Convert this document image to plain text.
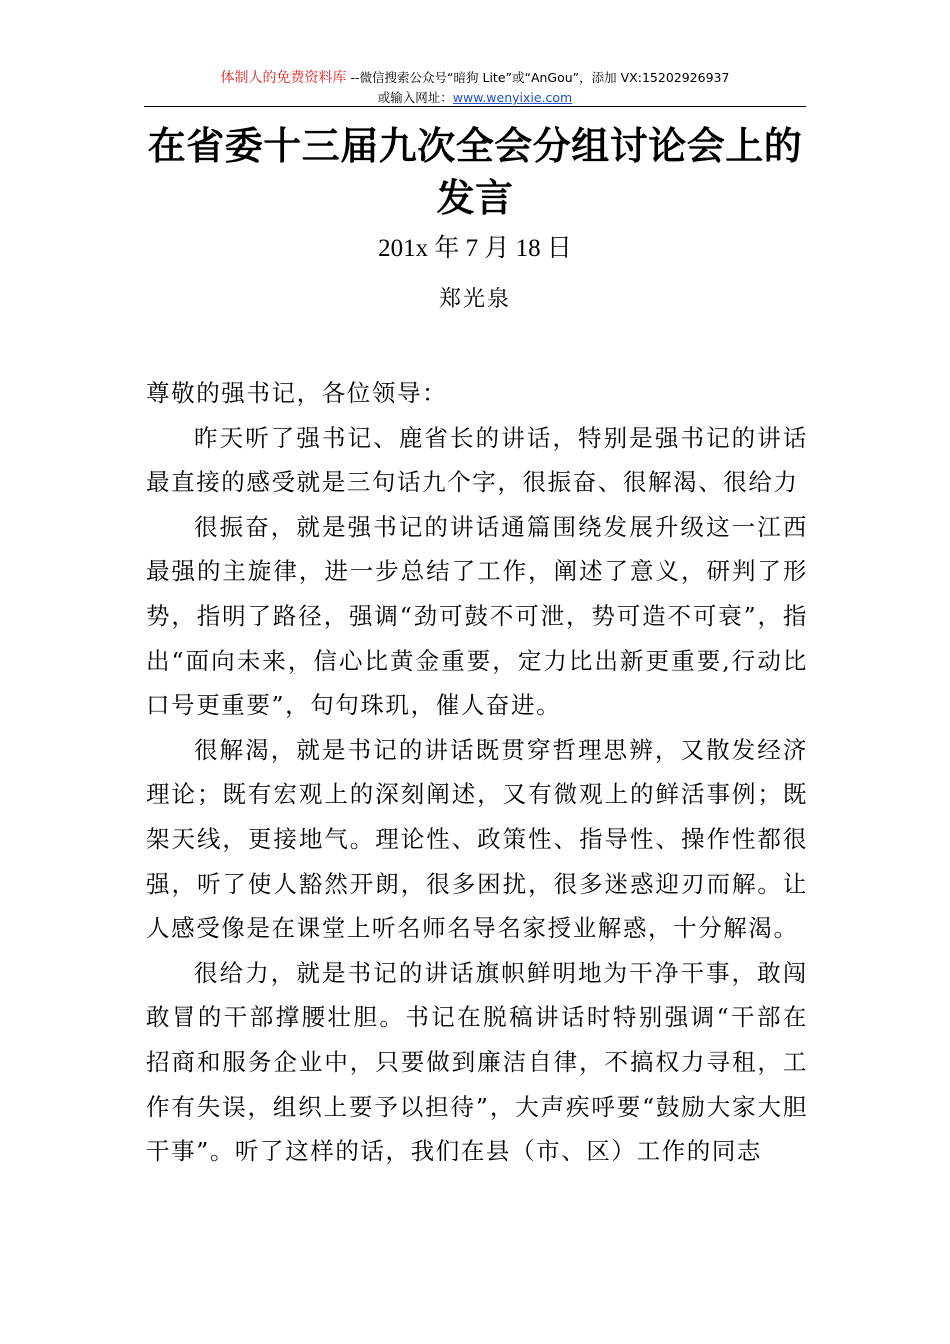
体制人的免费资料库 --微信搜索公众号“暗狗 Lite”或“AnGou”，添加 VX:15202926937
或输入网址：www.wenyixie.com
在省委十三届九次全会分组讨论会上的发言
201x 年 7 月 18 日
郑光泉

尊敬的强书记，各位领导：

昨天听了强书记、鹿省长的讲话，特别是强书记的讲话最直接的感受就是三句话九个字，很振奋、很解渴、很给力

很振奋，就是强书记的讲话通篇围绕发展升级这一江西最强的主旋律，进一步总结了工作，阐述了意义，研判了形势，指明了路径，强调“劲可鼓不可泄，势可造不可衰”，指出“面向未来，信心比黄金重要，定力比出新更重要,行动比口号更重要”，句句珠玑，催人奋进。

很解渴，就是书记的讲话既贯穿哲理思辨，又散发经济理论；既有宏观上的深刻阐述，又有微观上的鲜活事例；既架天线，更接地气。理论性、政策性、指导性、操作性都很强，听了使人豁然开朗，很多困扰，很多迷惑迎刃而解。让人感受像是在课堂上听名师名导名家授业解惑，十分解渴。

很给力，就是书记的讲话旗帜鲜明地为干净干事，敢闯敢冒的干部撑腰壮胆。书记在脱稿讲话时特别强调“干部在招商和服务企业中，只要做到廉洁自律，不搞权力寻租，工作有失误，组织上要予以担待”，大声疾呼要“鼓励大家大胆干事”。听了这样的话，我们在县（市、区）工作的同志
